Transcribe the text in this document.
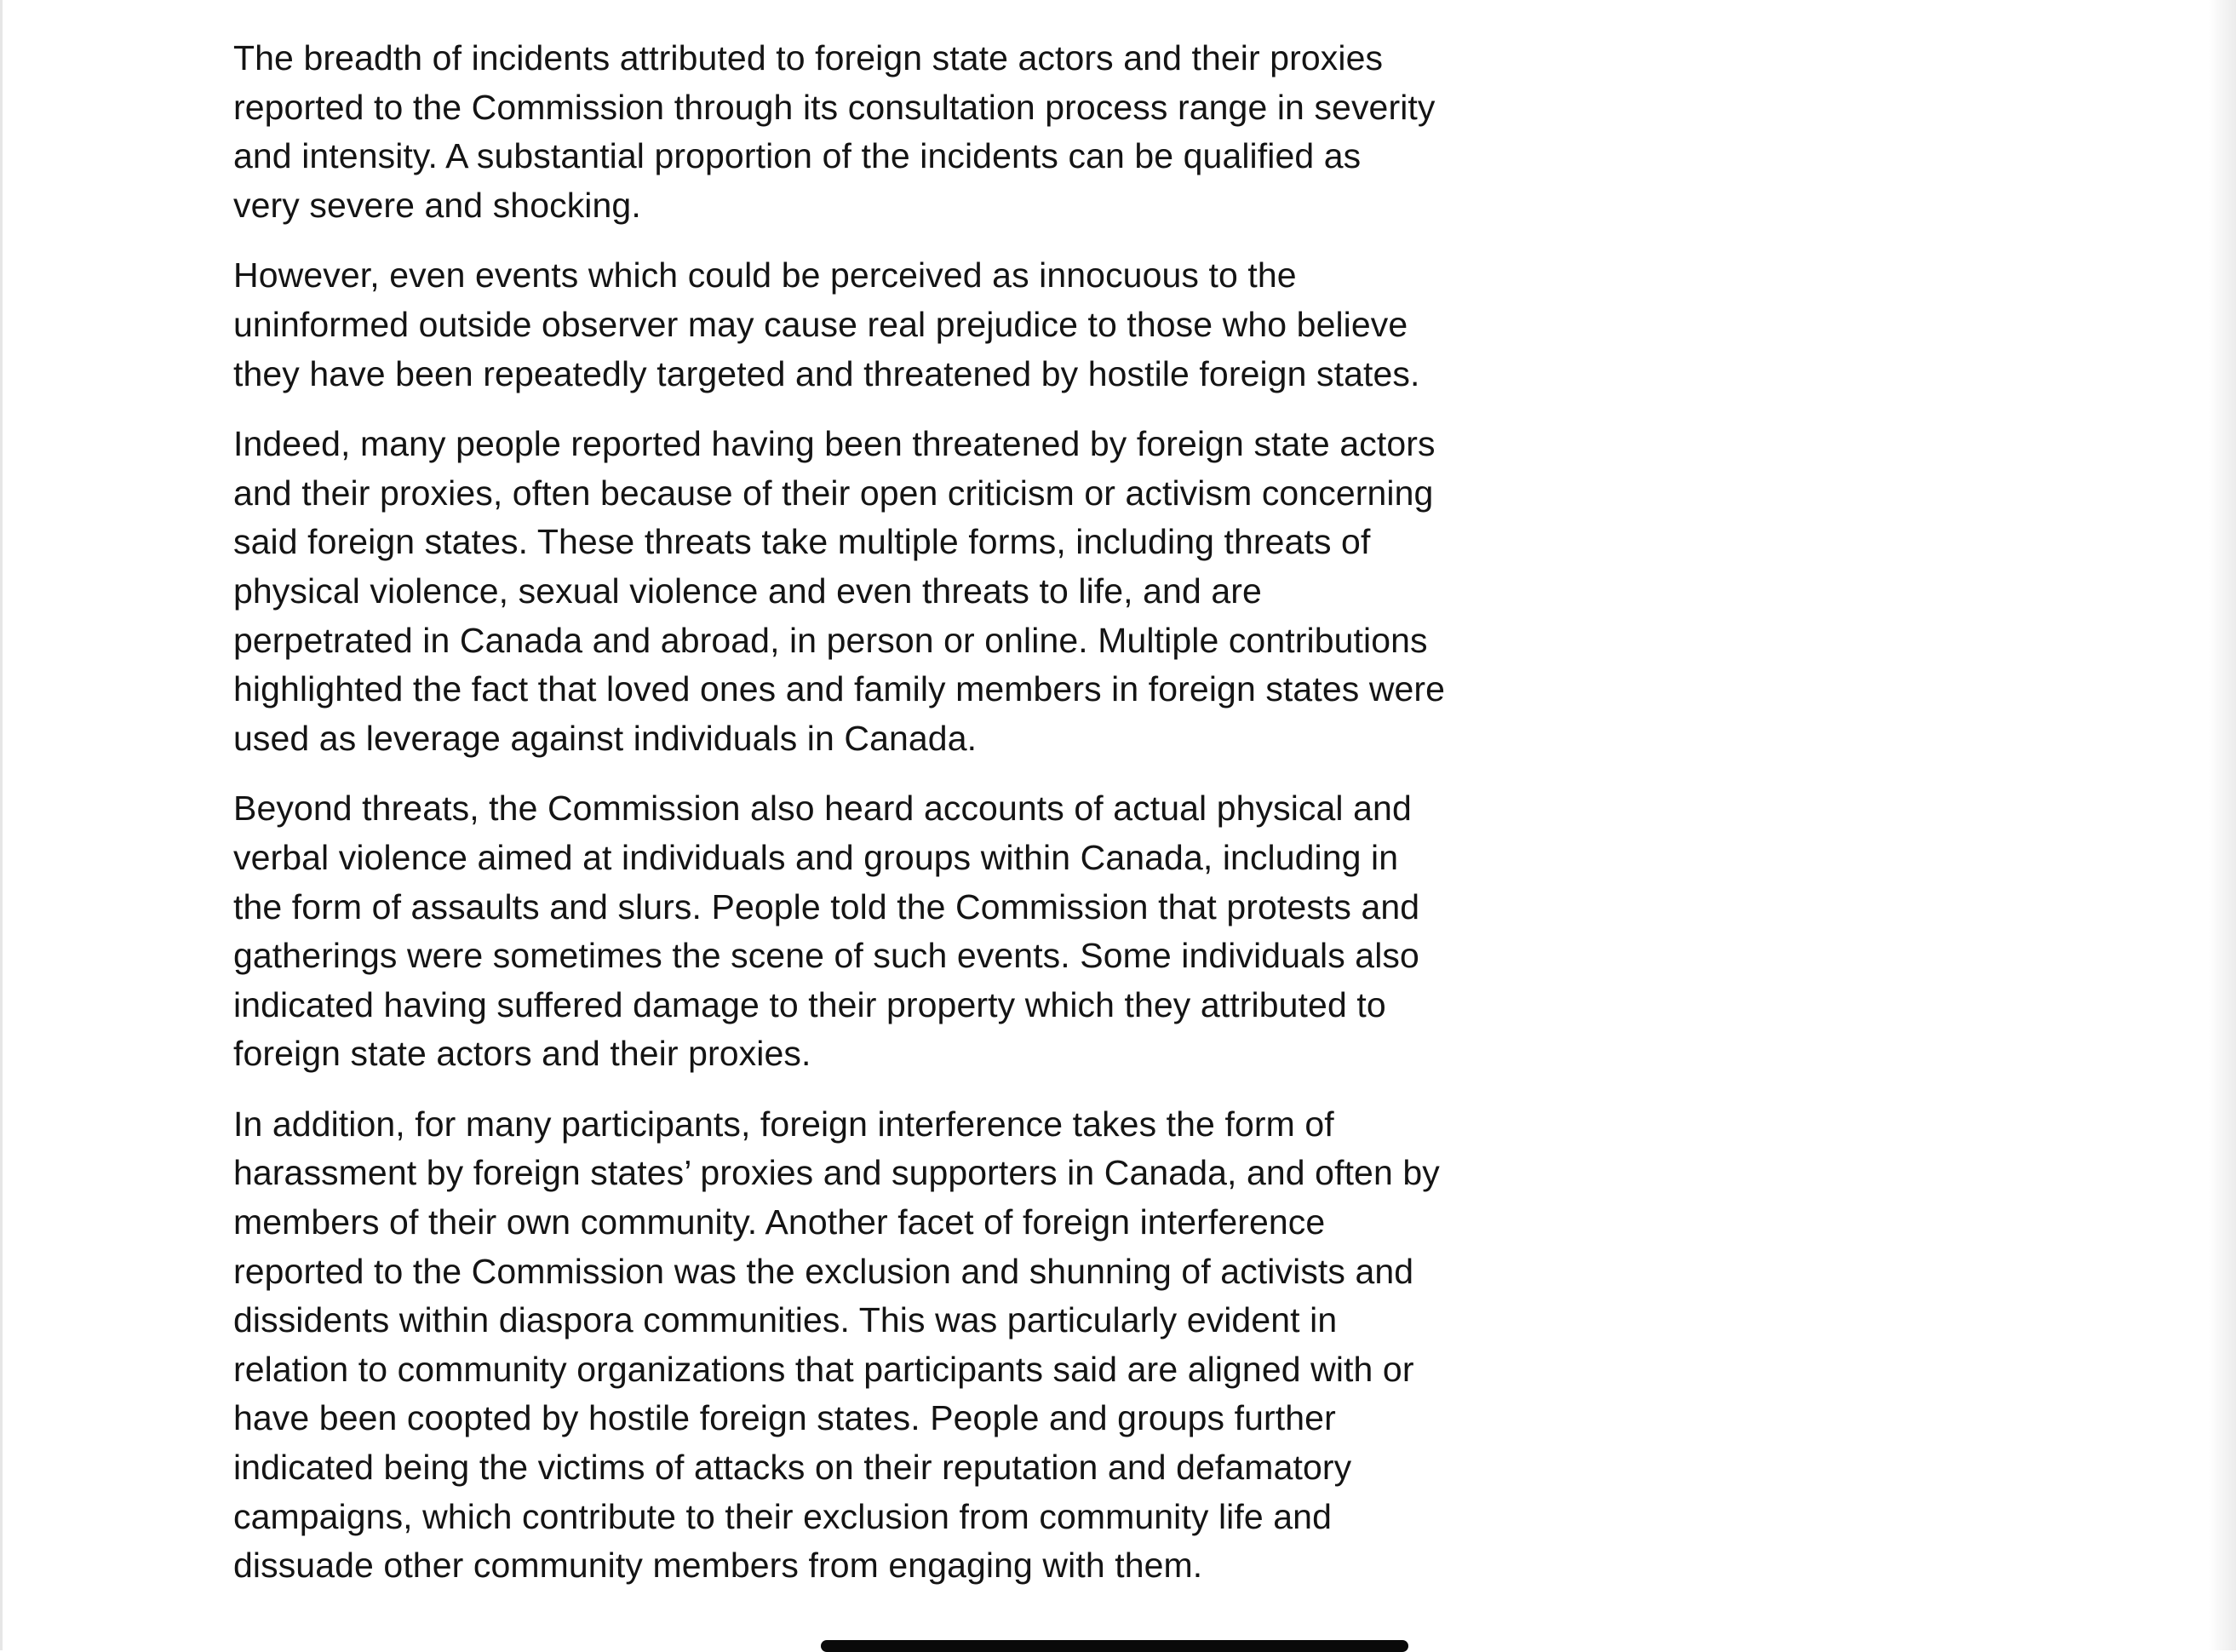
The breadth of incidents attributed to foreign state actors and their proxies
reported to the Commission through its consultation process range in severity
and intensity. A substantial proportion of the incidents can be qualified as
very severe and shocking.

However, even events which could be perceived as innocuous to the
uninformed outside observer may cause real prejudice to those who believe
they have been repeatedly targeted and threatened by hostile foreign states.

Indeed, many people reported having been threatened by foreign state actors
and their proxies, often because of their open criticism or activism concerning
said foreign states. These threats take multiple forms, including threats of
physical violence, sexual violence and even threats to life, and are
perpetrated in Canada and abroad, in person or online. Multiple contributions
highlighted the fact that loved ones and family members in foreign states were
used as leverage against individuals in Canada.

Beyond threats, the Commission also heard accounts of actual physical and
verbal violence aimed at individuals and groups within Canada, including in
the form of assaults and slurs. People told the Commission that protests and
gatherings were sometimes the scene of such events. Some individuals also
indicated having suffered damage to their property which they attributed to
foreign state actors and their proxies.

In addition, for many participants, foreign interference takes the form of
harassment by foreign states’ proxies and supporters in Canada, and often by
members of their own community. Another facet of foreign interference
reported to the Commission was the exclusion and shunning of activists and
dissidents within diaspora communities. This was particularly evident in
relation to community organizations that participants said are aligned with or
have been coopted by hostile foreign states. People and groups further
indicated being the victims of attacks on their reputation and defamatory
campaigns, which contribute to their exclusion from community life and
dissuade other community members from engaging with them.
